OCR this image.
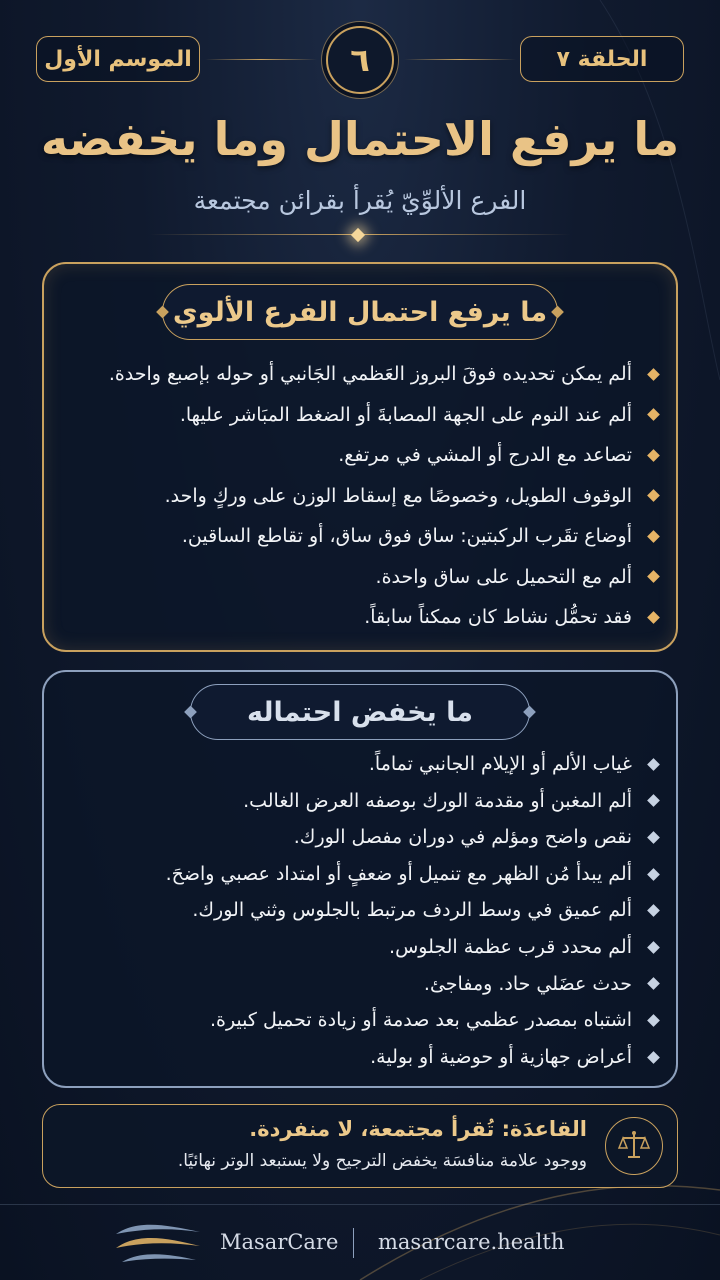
الحلقة ٧
الموسم الأول	٦
ما يرفع الاحتمال وما يخفضه
الفرع الألوِّيّ يُقرأ بقرائن مجتمعة
ما يرفع احتمال الفرع الألوي
ألم يمكن تحديده فوقَ البروز العَظمي الجَانبي أو حوله بإصبع واحدة.
ألم عند النوم على الجهة المصابةَ أو الضغط المبَاشر عليها.
تصاعد مع الدرج أو المشي في مرتفع.
الوقوف الطويل، وخصوصًا مع إسقاط الوزن على وركٍ واحد.
أوضاع تقَرب الركبتين: ساق فوق ساق، أو تقاطع الساقين.
ألم مع التحميل على ساق واحدة.
فقد تحمُّل نشاط كان ممكناً سابقاً.
ما يخفض احتماله
غياب الألم أو الإيلام الجانبي تماماً.
ألم المغبن أو مقدمة الورك بوصفه العرض الغالب.
نقص واضح ومؤلم في دوران مفصل الورك.
ألم يبدأ مُن الظهر مع تنميل أو ضعفٍ أو امتداد عصبي واضحَ.
ألم عميق في وسط الردف مرتبط بالجلوس وثني الورك.
ألم محدد قرب عظمة الجلوس.
حدث عضَلي حاد. ومفاجئ.
اشتباه بمصدر عظمي بعد صدمة أو زيادة تحميل كبيرة.
أعراض جهازية أو حوضية أو بولية.
القاعدَة: تُقرأ مجتمعة، لا منفردة.
ووجود علامة منافسَة يخفض الترجيح ولا يستبعد الوتر نهائيًا.
MasarCare masarcare.health
